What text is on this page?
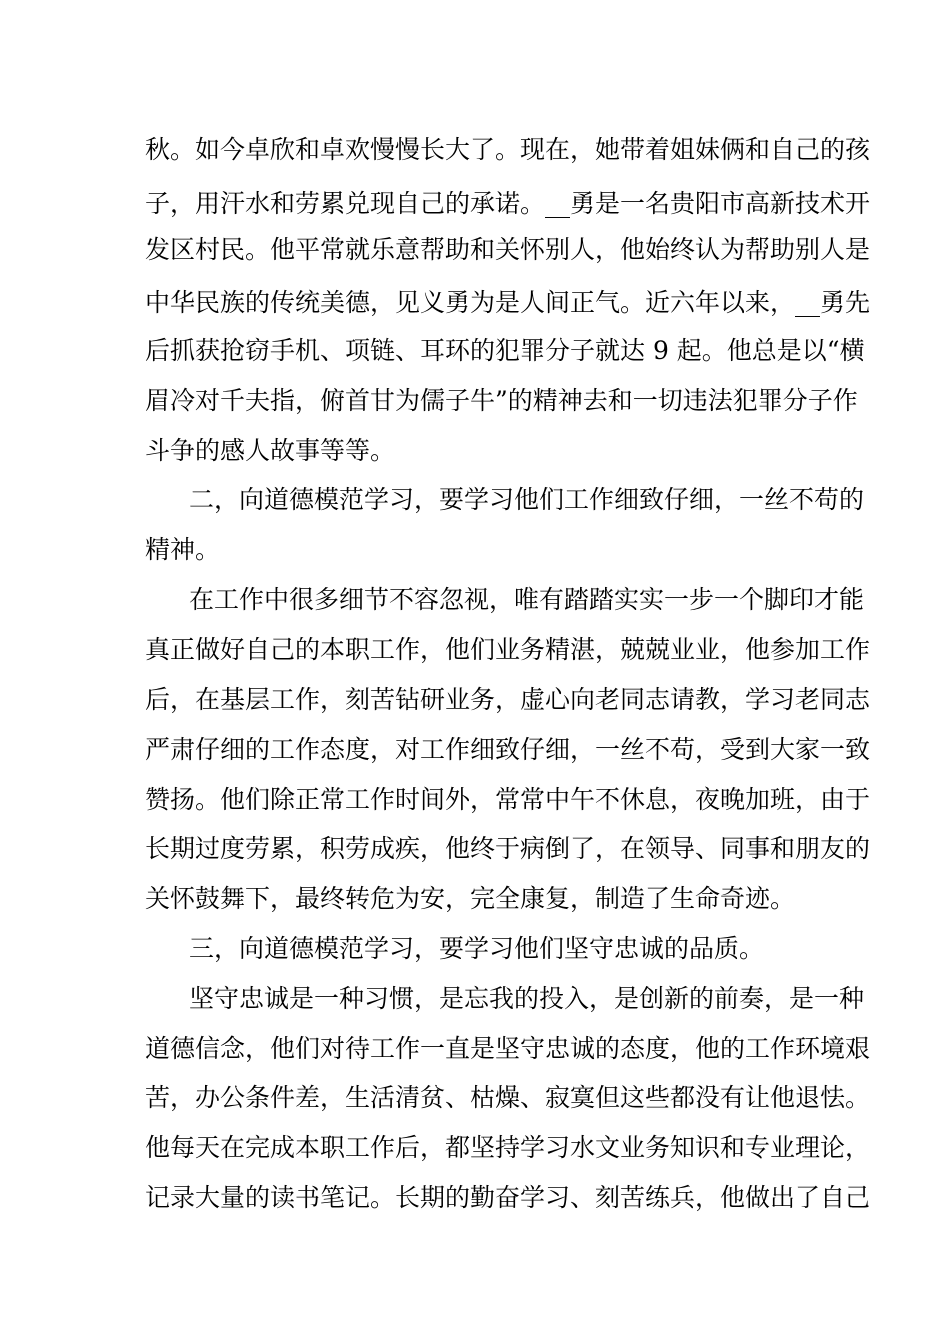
秋。如今卓欣和卓欢慢慢长大了。现在，她带着姐妹俩和自己的孩
子，用汗水和劳累兑现自己的承诺。__勇是一名贵阳市高新技术开
发区村民。他平常就乐意帮助和关怀别人，他始终认为帮助别人是
中华民族的传统美德，见义勇为是人间正气。近六年以来，__勇先
后抓获抢窃手机、项链、耳环的犯罪分子就达 9 起。他总是以“横
眉冷对千夫指，俯首甘为儒子牛”的精神去和一切违法犯罪分子作
斗争的感人故事等等。
二，向道德模范学习，要学习他们工作细致仔细，一丝不苟的
精神。
在工作中很多细节不容忽视，唯有踏踏实实一步一个脚印才能
真正做好自己的本职工作，他们业务精湛，兢兢业业，他参加工作
后，在基层工作，刻苦钻研业务，虚心向老同志请教，学习老同志
严肃仔细的工作态度，对工作细致仔细，一丝不苟，受到大家一致
赞扬。他们除正常工作时间外，常常中午不休息，夜晚加班，由于
长期过度劳累，积劳成疾，他终于病倒了，在领导、同事和朋友的
关怀鼓舞下，最终转危为安，完全康复，制造了生命奇迹。
三，向道德模范学习，要学习他们坚守忠诚的品质。
坚守忠诚是一种习惯，是忘我的投入，是创新的前奏，是一种
道德信念，他们对待工作一直是坚守忠诚的态度，他的工作环境艰
苦，办公条件差，生活清贫、枯燥、寂寞但这些都没有让他退怯。
他每天在完成本职工作后，都坚持学习水文业务知识和专业理论，
记录大量的读书笔记。长期的勤奋学习、刻苦练兵，他做出了自己
